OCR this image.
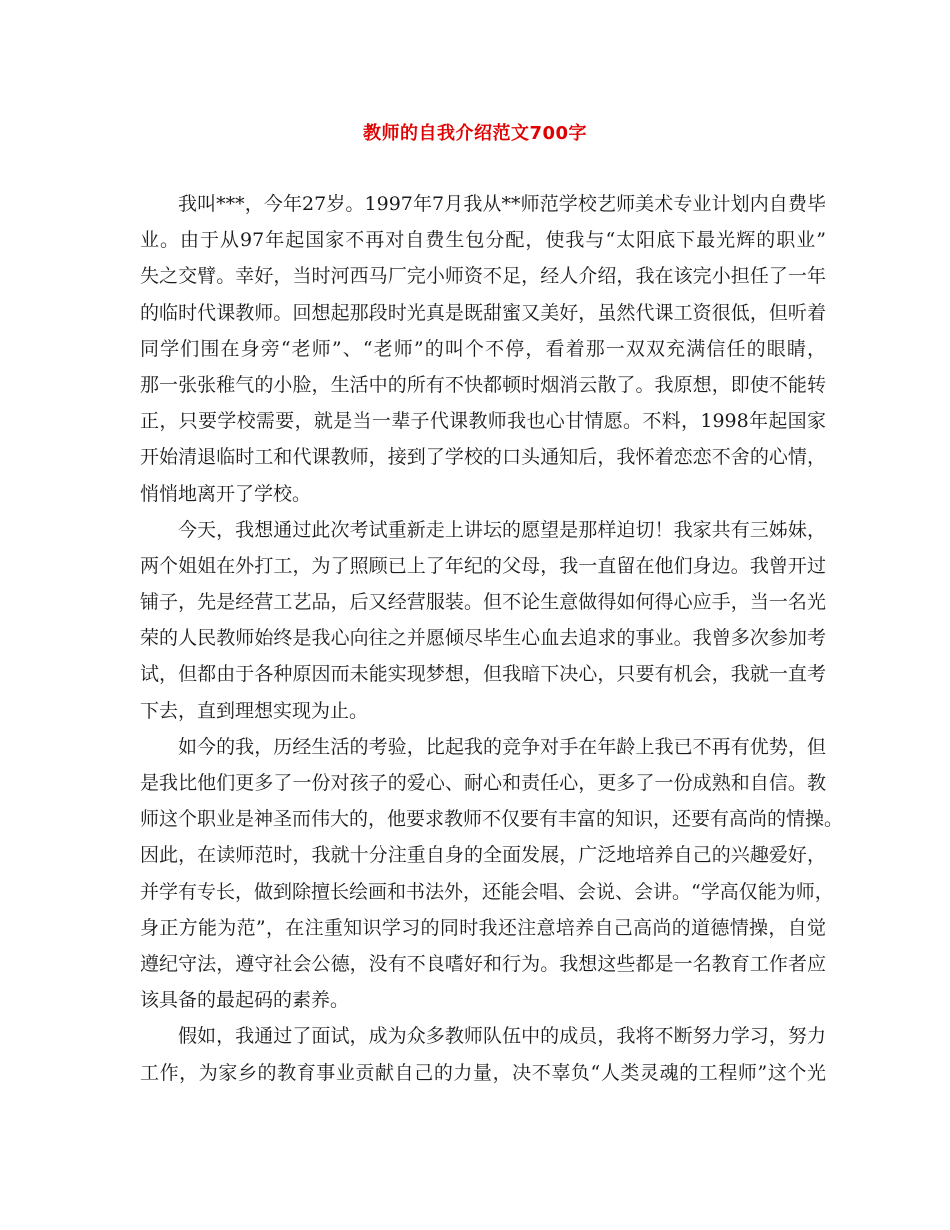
教师的自我介绍范文700字
我叫***，今年27岁。1997年7月我从**师范学校艺师美术专业计划内自费毕
业。由于从97年起国家不再对自费生包分配，使我与“太阳底下最光辉的职业”
失之交臂。幸好，当时河西马厂完小师资不足，经人介绍，我在该完小担任了一年
的临时代课教师。回想起那段时光真是既甜蜜又美好，虽然代课工资很低，但听着
同学们围在身旁“老师”、“老师”的叫个不停，看着那一双双充满信任的眼睛，
那一张张稚气的小脸，生活中的所有不快都顿时烟消云散了。我原想，即使不能转
正，只要学校需要，就是当一辈子代课教师我也心甘情愿。不料，1998年起国家
开始清退临时工和代课教师，接到了学校的口头通知后，我怀着恋恋不舍的心情，
悄悄地离开了学校。
今天，我想通过此次考试重新走上讲坛的愿望是那样迫切！我家共有三姊妹，
两个姐姐在外打工，为了照顾已上了年纪的父母，我一直留在他们身边。我曾开过
铺子，先是经营工艺品，后又经营服装。但不论生意做得如何得心应手，当一名光
荣的人民教师始终是我心向往之并愿倾尽毕生心血去追求的事业。我曾多次参加考
试，但都由于各种原因而未能实现梦想，但我暗下决心，只要有机会，我就一直考
下去，直到理想实现为止。
如今的我，历经生活的考验，比起我的竞争对手在年龄上我已不再有优势，但
是我比他们更多了一份对孩子的爱心、耐心和责任心，更多了一份成熟和自信。教
师这个职业是神圣而伟大的，他要求教师不仅要有丰富的知识，还要有高尚的情操。
因此，在读师范时，我就十分注重自身的全面发展，广泛地培养自己的兴趣爱好，
并学有专长，做到除擅长绘画和书法外，还能会唱、会说、会讲。“学高仅能为师，
身正方能为范”，在注重知识学习的同时我还注意培养自己高尚的道德情操，自觉
遵纪守法，遵守社会公德，没有不良嗜好和行为。我想这些都是一名教育工作者应
该具备的最起码的素养。
假如，我通过了面试，成为众多教师队伍中的成员，我将不断努力学习，努力
工作，为家乡的教育事业贡献自己的力量，决不辜负“人类灵魂的工程师”这个光
